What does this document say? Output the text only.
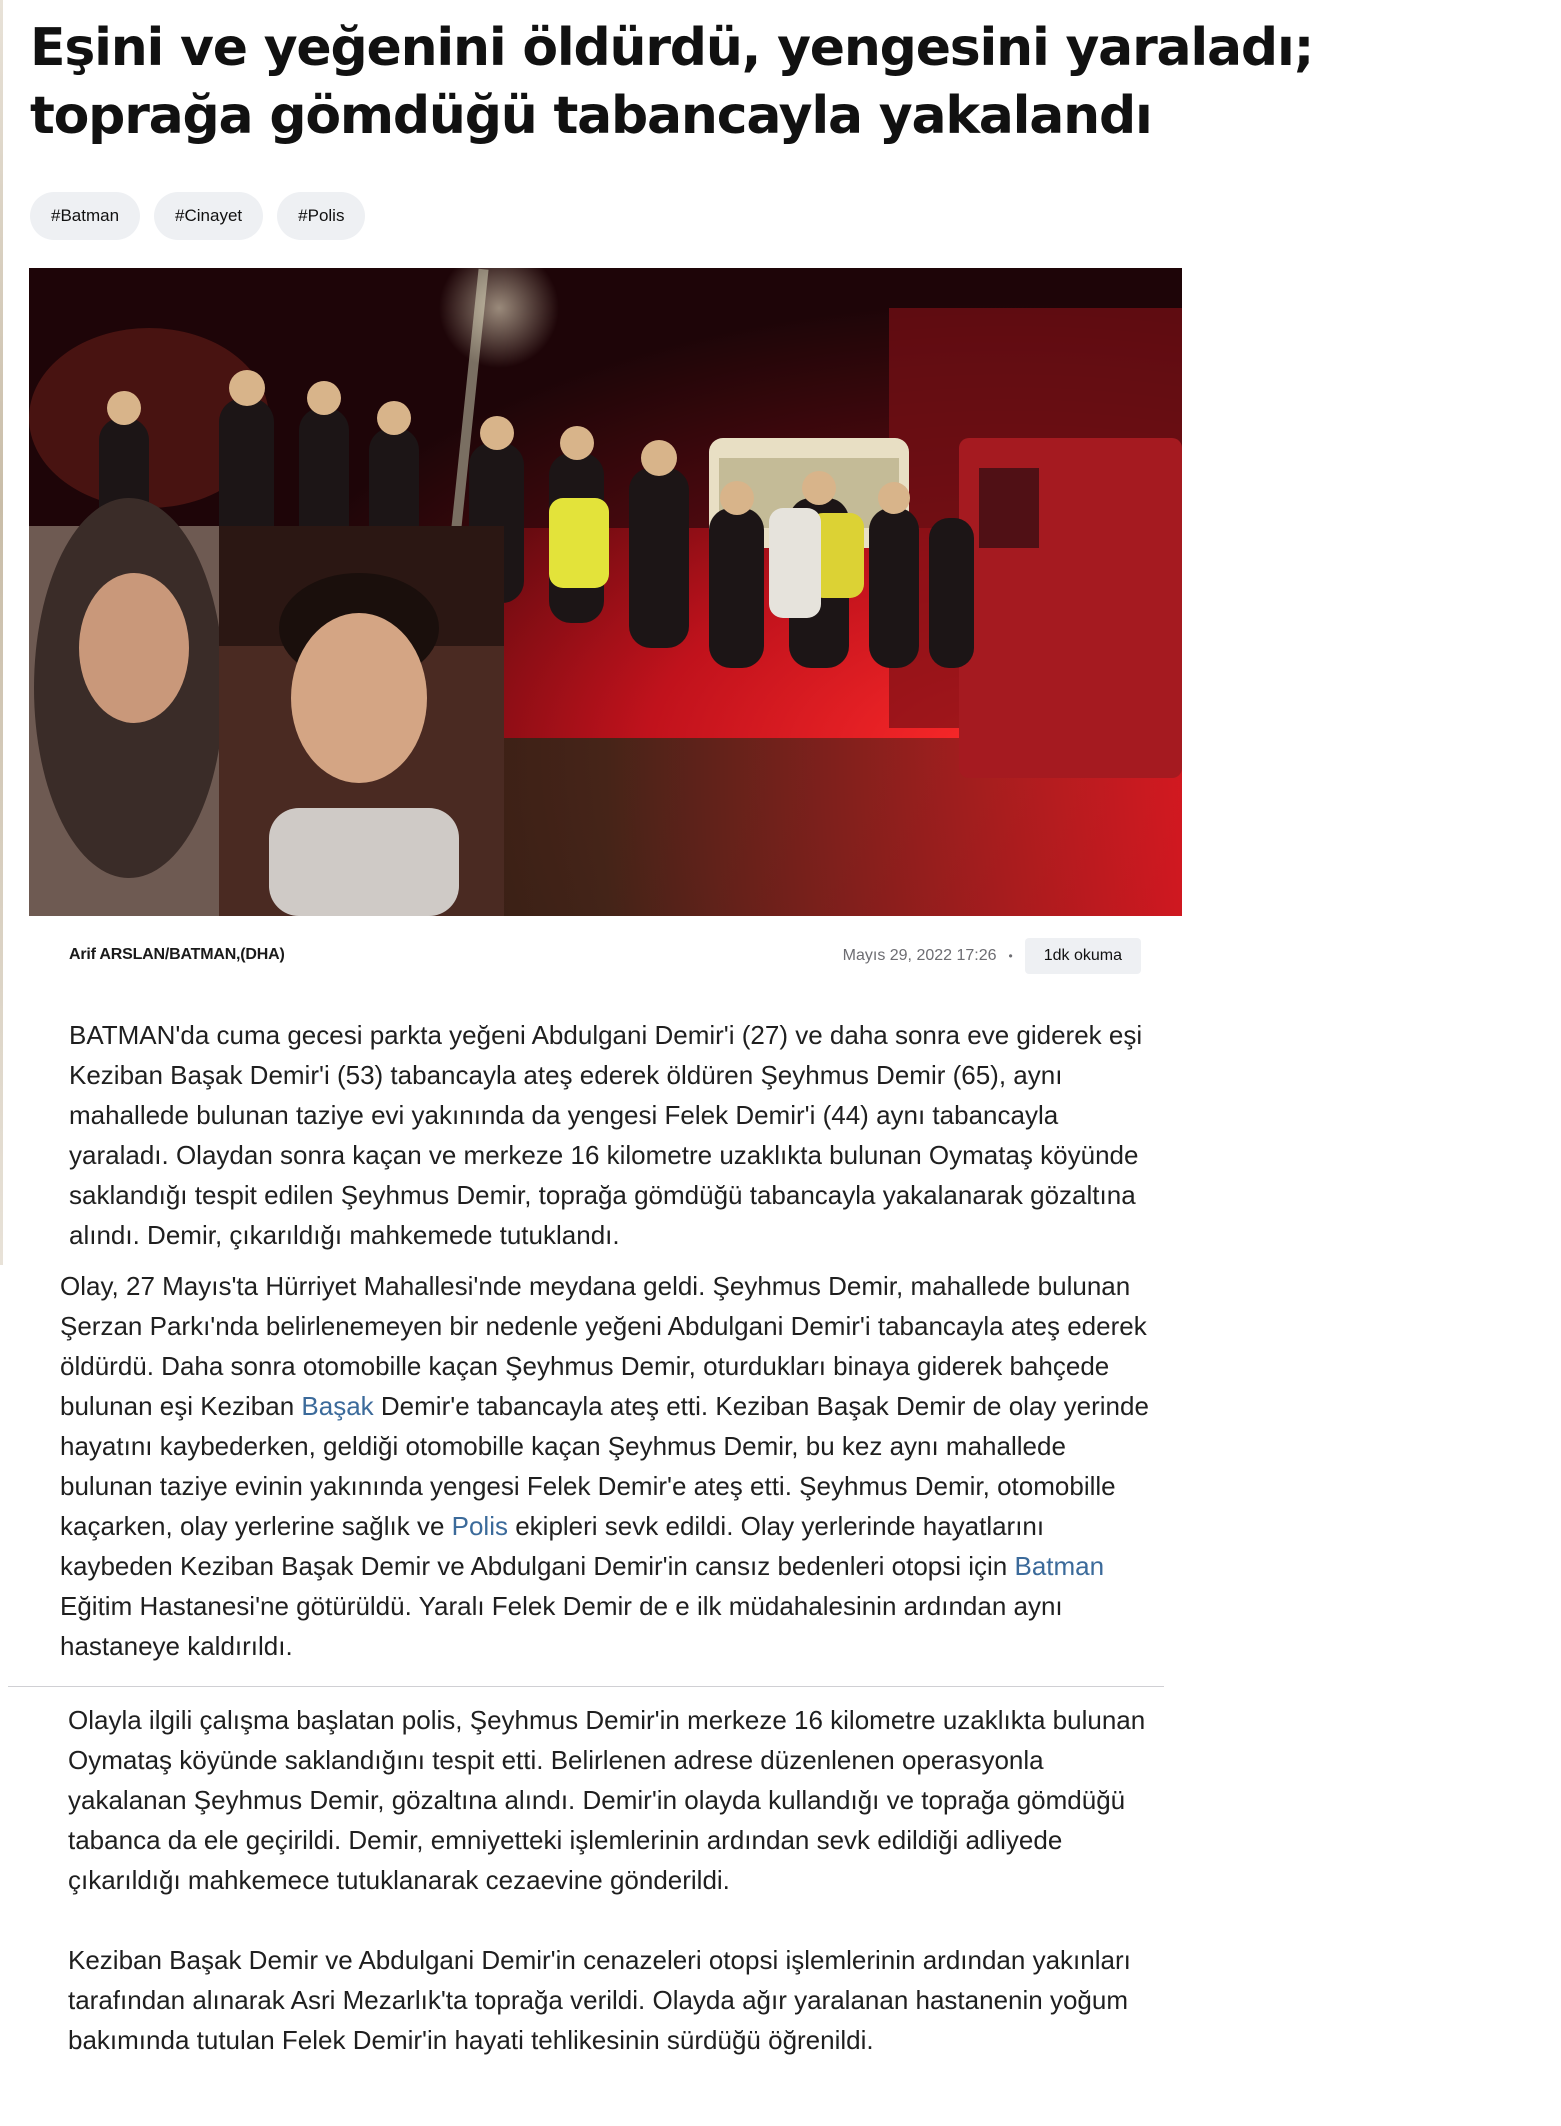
Eşini ve yeğenini öldürdü, yengesini yaraladı; toprağa gömdüğü tabancayla yakalandı
#Batman	#Cinayet	#Polis
Arif ARSLAN/BATMAN,(DHA)	Mayıs 29, 2022 17:26 •	1dk okuma

BATMAN'da cuma gecesi parkta yeğeni Abdulgani Demir'i (27) ve daha sonra eve giderek eşi Keziban Başak Demir'i (53) tabancayla ateş ederek öldüren Şeyhmus Demir (65), aynı mahallede bulunan taziye evi yakınında da yengesi Felek Demir'i (44) aynı tabancayla yaraladı. Olaydan sonra kaçan ve merkeze 16 kilometre uzaklıkta bulunan Oymataş köyünde saklandığı tespit edilen Şeyhmus Demir, toprağa gömdüğü tabancayla yakalanarak gözaltına alındı. Demir, çıkarıldığı mahkemede tutuklandı.

Olay, 27 Mayıs'ta Hürriyet Mahallesi'nde meydana geldi. Şeyhmus Demir, mahallede bulunan Şerzan Parkı'nda belirlenemeyen bir nedenle yeğeni Abdulgani Demir'i tabancayla ateş ederek öldürdü. Daha sonra otomobille kaçan Şeyhmus Demir, oturdukları binaya giderek bahçede bulunan eşi Keziban Başak Demir'e tabancayla ateş etti. Keziban Başak Demir de olay yerinde hayatını kaybederken, geldiği otomobille kaçan Şeyhmus Demir, bu kez aynı mahallede bulunan taziye evinin yakınında yengesi Felek Demir'e ateş etti. Şeyhmus Demir, otomobille kaçarken, olay yerlerine sağlık ve Polis ekipleri sevk edildi. Olay yerlerinde hayatlarını kaybeden Keziban Başak Demir ve Abdulgani Demir'in cansız bedenleri otopsi için Batman Eğitim Hastanesi'ne götürüldü. Yaralı Felek Demir de e ilk müdahalesinin ardından aynı hastaneye kaldırıldı.

Olayla ilgili çalışma başlatan polis, Şeyhmus Demir'in merkeze 16 kilometre uzaklıkta bulunan Oymataş köyünde saklandığını tespit etti. Belirlenen adrese düzenlenen operasyonla yakalanan Şeyhmus Demir, gözaltına alındı. Demir'in olayda kullandığı ve toprağa gömdüğü tabanca da ele geçirildi. Demir, emniyetteki işlemlerinin ardından sevk edildiği adliyede çıkarıldığı mahkemece tutuklanarak cezaevine gönderildi.

Keziban Başak Demir ve Abdulgani Demir'in cenazeleri otopsi işlemlerinin ardından yakınları tarafından alınarak Asri Mezarlık'ta toprağa verildi. Olayda ağır yaralanan hastanenin yoğum bakımında tutulan Felek Demir'in hayati tehlikesinin sürdüğü öğrenildi.
